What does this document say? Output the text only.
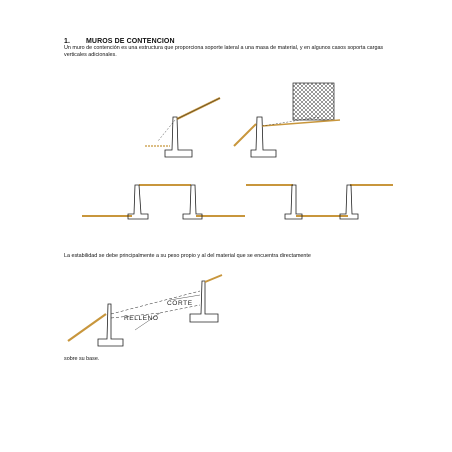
1. MUROS DE CONTENCION
Un muro de contención es una estructura que proporciona soporte lateral a una masa de material, y en algunos casos soporta cargas verticales adicionales.
CORTE
RELLENO
La estabilidad se debe principalmente a su peso propio y al del material que se encuentra directamente
sobre su base.
